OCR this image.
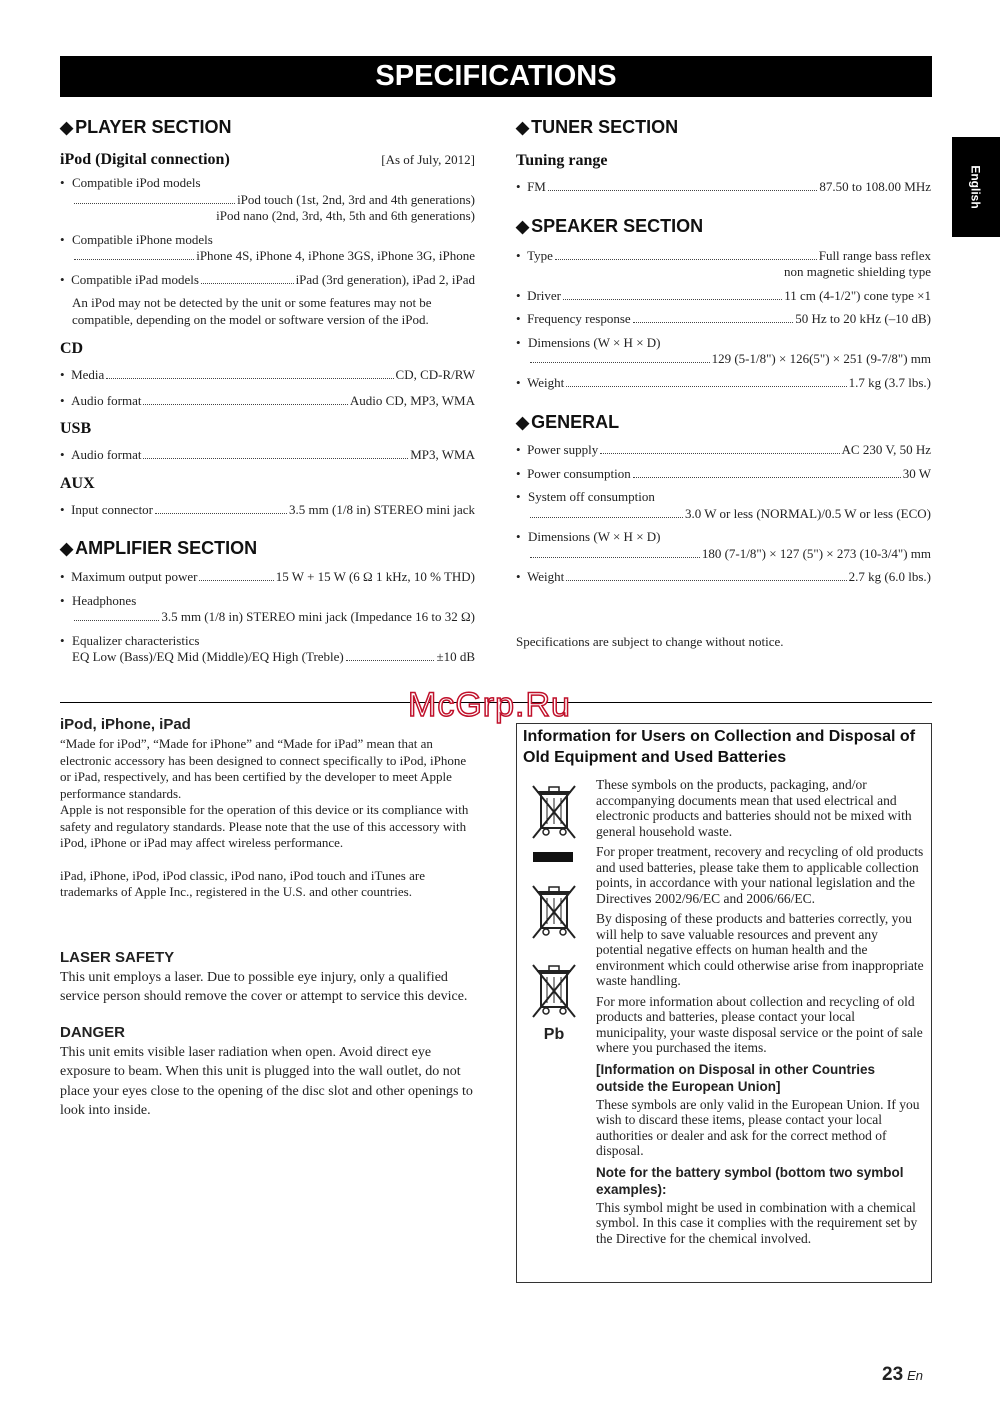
SPECIFICATIONS
English
◆ PLAYER SECTION
iPod (Digital connection)	[As of July, 2012]
• Compatible iPod models
iPod touch (1st, 2nd, 3rd and 4th generations)
iPod nano (2nd, 3rd, 4th, 5th and 6th generations)
• Compatible iPhone models
iPhone 4S, iPhone 4, iPhone 3GS, iPhone 3G, iPhone
•  Compatible iPad models	iPad (3rd generation), iPad 2, iPad
An iPod may not be detected by the unit or some features may not be compatible, depending on the model or software version of the iPod.
CD
•  Media	CD, CD-R/RW
•  Audio format	Audio CD, MP3, WMA
USB
•  Audio format	MP3, WMA
AUX
•  Input connector	3.5 mm (1/8 in) STEREO mini jack
◆ AMPLIFIER SECTION
•  Maximum output power	15 W + 15 W (6 Ω 1 kHz, 10 % THD)
• Headphones
3.5 mm (1/8 in) STEREO mini jack (Impedance 16 to 32 Ω)
• Equalizer characteristics
EQ Low (Bass)/EQ Mid (Middle)/EQ High (Treble)	±10 dB
◆ TUNER SECTION
Tuning range
•  FM	87.50 to 108.00 MHz
◆ SPEAKER SECTION
•  Type	Full range bass reflex
non magnetic shielding type
•  Driver	11 cm (4-1/2") cone type ×1
•  Frequency response	50 Hz to 20 kHz (–10 dB)
• Dimensions (W × H × D)
129 (5-1/8") × 126(5") × 251 (9-7/8") mm
•  Weight	1.7 kg (3.7 lbs.)
◆ GENERAL
•  Power supply	AC 230 V, 50 Hz
•  Power consumption	30 W
• System off consumption
3.0 W or less (NORMAL)/0.5 W or less (ECO)
• Dimensions (W × H × D)
180 (7-1/8") × 127 (5") × 273 (10-3/4") mm
•  Weight	2.7 kg (6.0 lbs.)
Specifications are subject to change without notice.
McGrp.Ru
iPod, iPhone, iPad
“Made for iPod”, “Made for iPhone” and “Made for iPad” mean that an electronic accessory has been designed to connect specifically to iPod, iPhone or iPad, respectively, and has been certified by the developer to meet Apple performance standards.
Apple is not responsible for the operation of this device or its compliance with safety and regulatory standards. Please note that the use of this accessory with iPod, iPhone or iPad may affect wireless performance.
iPad, iPhone, iPod, iPod classic, iPod nano, iPod touch and iTunes are trademarks of Apple Inc., registered in the U.S. and other countries.
LASER SAFETY
This unit employs a laser. Due to possible eye injury, only a qualified service person should remove the cover or attempt to service this device.
DANGER
This unit emits visible laser radiation when open. Avoid direct eye exposure to beam. When this unit is plugged into the wall outlet, do not place your eyes close to the opening of the disc slot and other openings to look into inside.
Information for Users on Collection and Disposal of Old Equipment and Used Batteries

Pb
These symbols on the products, packaging, and/or accompanying documents mean that used electrical and electronic products and batteries should not be mixed with general household waste.
For proper treatment, recovery and recycling of old products and used batteries, please take them to applicable collection points, in accordance with your national legislation and the Directives 2002/96/EC and 2006/66/EC.
By disposing of these products and batteries correctly, you will help to save valuable resources and prevent any potential negative effects on human health and the environment which could otherwise arise from inappropriate waste handling.
For more information about collection and recycling of old products and batteries, please contact your local municipality, your waste disposal service or the point of sale where you purchased the items.
[Information on Disposal in other Countries outside the European Union]
These symbols are only valid in the European Union. If you wish to discard these items, please contact your local authorities or dealer and ask for the correct method of disposal.
Note for the battery symbol (bottom two symbol examples):
This symbol might be used in combination with a chemical symbol. In this case it complies with the requirement set by the Directive for the chemical involved.
23 En
